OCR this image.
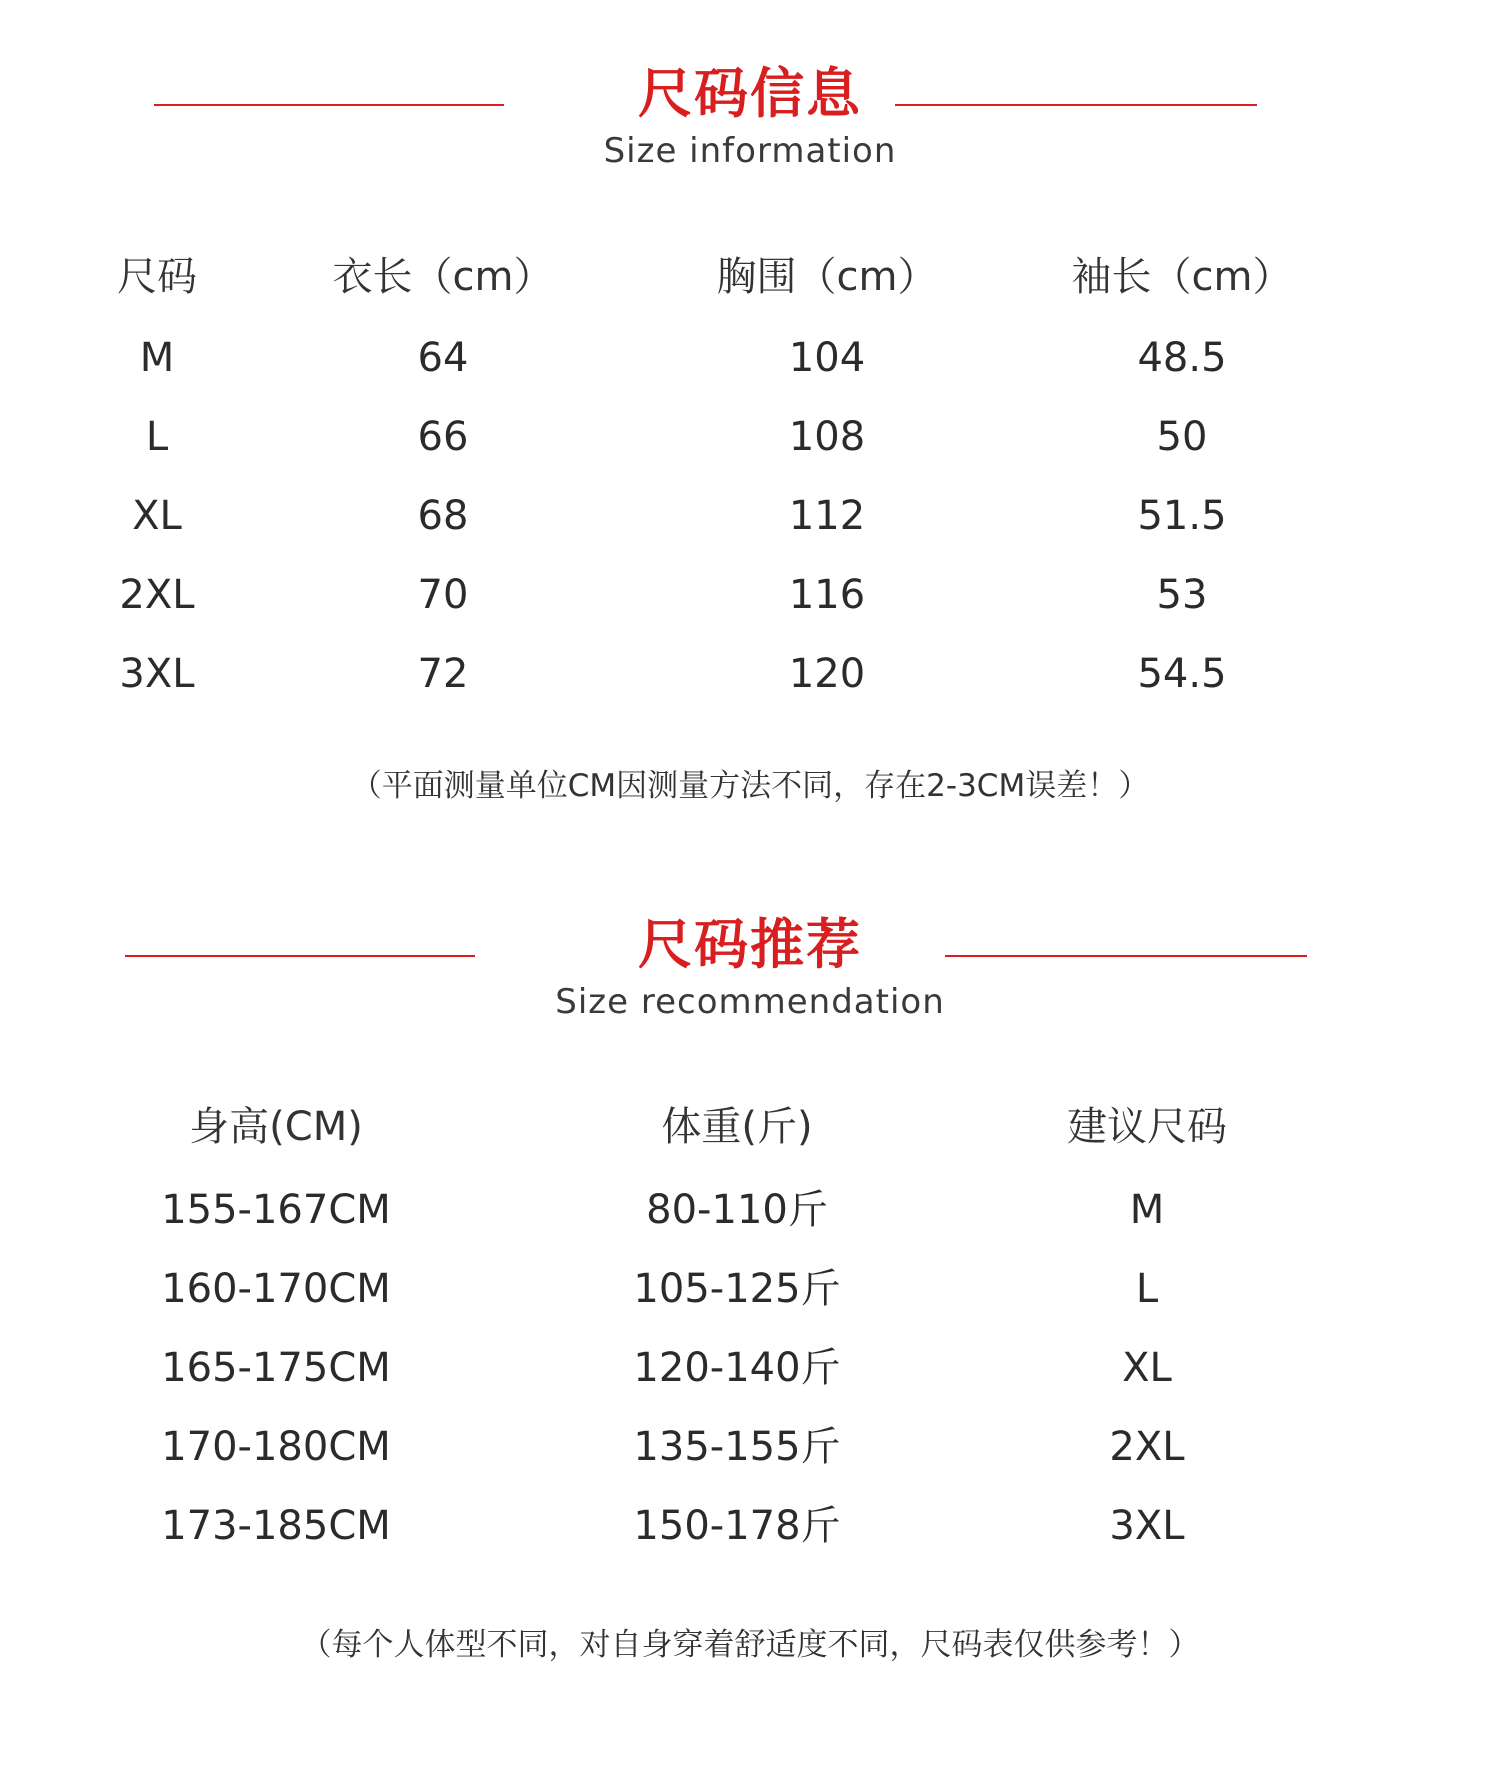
尺码信息
Size information
尺码	衣长（cm）	胸围（cm）	袖长（cm）
M	64	104	48.5
L	66	108	50
XL	68	112	51.5
2XL	70	116	53
3XL	72	120	54.5
（平面测量单位CM因测量方法不同，存在2-3CM误差！）
尺码推荐
Size recommendation
身高(CM)	体重(斤)	建议尺码
155-167CM	80-110斤	M
160-170CM	105-125斤	L
165-175CM	120-140斤	XL
170-180CM	135-155斤	2XL
173-185CM	150-178斤	3XL
（每个人体型不同，对自身穿着舒适度不同，尺码表仅供参考！）
